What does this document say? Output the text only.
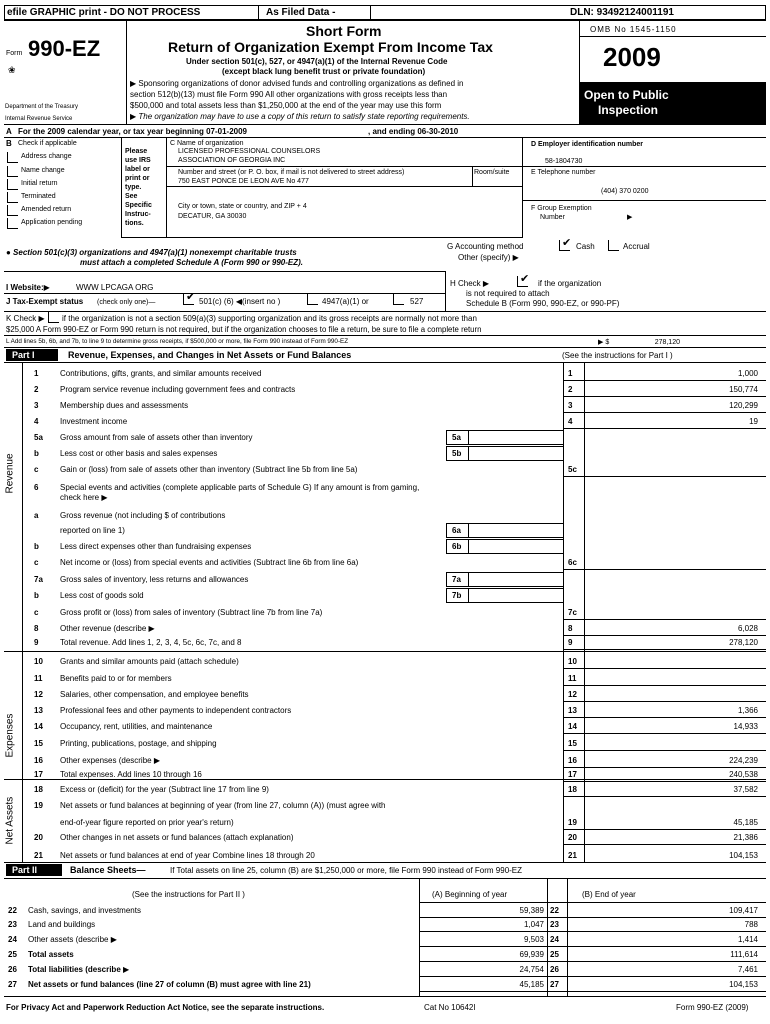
efile GRAPHIC print - DO NOT PROCESS	As Filed Data -	DLN: 93492124001191
Form 990-EZ
❀
Department of the Treasury
Internal Revenue Service
Short Form
Return of Organization Exempt From Income Tax
Under section 501(c), 527, or 4947(a)(1) of the Internal Revenue Code
(except black lung benefit trust or private foundation)
▶ Sponsoring organizations of donor advised funds and controlling organizations as defined in
section 512(b)(13) must file Form 990 All other organizations with gross receipts less than
$500,000 and total assets less than $1,250,000 at the end of the year may use this form
▶ The organization may have to use a copy of this return to satisfy state reporting requirements.
OMB No 1545-1150
2009
Open to Public
Inspection
A For the 2009 calendar year, or tax year beginning 07-01-2009	, and ending 06-30-2010
B Check if applicable
Address change
Name change
Initial return
Terminated
Amended return
Application pending
Please
use IRS
label or
print or
type.
See
Specific
Instruc-
tions.
C Name of organization
LICENSED PROFESSIONAL COUNSELORS
ASSOCIATION OF GEORGIA INC
Number and street (or P. O. box, if mail is not delivered to street address)	Room/suite
750 EAST PONCE DE LEON AVE No 477
City or town, state or country, and ZIP + 4
DECATUR, GA 30030
D Employer identification number
58-1804730
E Telephone number
(404) 370 0200
F Group Exemption
Number	▶
● Section 501(c)(3) organizations and 4947(a)(1) nonexempt charitable trusts
must attach a completed Schedule A (Form 990 or 990-EZ).
G Accounting method	✔ Cash	Accrual
Other (specify) ▶
I Website:▶	WWW LPCAGA ORG	H Check ▶	✔ if the organization
is not required to attach
Schedule B (Form 990, 990-EZ, or 990-PF)
J Tax-Exempt status (check only one)—	✔ 501(c) (6) ◀(insert no )	4947(a)(1) or	527
K Check ▶ if the organization is not a section 509(a)(3) supporting organization and its gross receipts are normally not more than
$25,000 A Form 990-EZ or Form 990 return is not required, but if the organization chooses to file a return, be sure to file a complete return
L Add lines 5b, 6b, and 7b, to line 9 to determine gross receipts, if $500,000 or more, file Form 990 instead of Form 990-EZ	▶ $	278,120
Part I	Revenue, Expenses, and Changes in Net Assets or Fund Balances	(See the instructions for Part I )
Revenue
Expenses
Net Assets
1	Contributions, gifts, grants, and similar amounts received	1	1,000
2	Program service revenue including government fees and contracts	2	150,774
3	Membership dues and assessments	3	120,299
4	Investment income	4	19
5a Gross amount from sale of assets other than inventory	5a
b	Less cost or other basis and sales expenses	5b
c	Gain or (loss) from sale of assets other than inventory (Subtract line 5b from line 5a)	5c
6	Special events and activities (complete applicable parts of Schedule G) If any amount is from gaming,
check here ▶
a	Gross revenue (not including $ of contributions
reported on line 1)	6a
b	Less direct expenses other than fundraising expenses	6b
c	Net income or (loss) from special events and activities (Subtract line 6b from line 6a)	6c
7a Gross sales of inventory, less returns and allowances	7a
b	Less cost of goods sold	7b
c	Gross profit or (loss) from sales of inventory (Subtract line 7b from line 7a)	7c
8	Other revenue (describe ▶	8	6,028
9	Total revenue. Add lines 1, 2, 3, 4, 5c, 6c, 7c, and 8	9	278,120
10 Grants and similar amounts paid (attach schedule)	10
11 Benefits paid to or for members	11
12 Salaries, other compensation, and employee benefits	12
13 Professional fees and other payments to independent contractors	13	1,366
14 Occupancy, rent, utilities, and maintenance	14	14,933
15 Printing, publications, postage, and shipping	15
16 Other expenses (describe ▶	16	224,239
17 Total expenses. Add lines 10 through 16	17	240,538
18 Excess or (deficit) for the year (Subtract line 17 from line 9)	18	37,582
19 Net assets or fund balances at beginning of year (from line 27, column (A)) (must agree with
end-of-year figure reported on prior year's return)	19	45,185
20 Other changes in net assets or fund balances (attach explanation)	20	21,386
21 Net assets or fund balances at end of year Combine lines 18 through 20	21	104,153
Part II	Balance Sheets—	If Total assets on line 25, column (B) are $1,250,000 or more, file Form 990 instead of Form 990-EZ
(See the instructions for Part II )	(A) Beginning of year	(B) End of year
22 Cash, savings, and investments	59,389 22	109,417
23 Land and buildings	1,047 23	788
24 Other assets (describe ▶	9,503 24	1,414
25 Total assets	69,939 25	111,614
26 Total liabilities (describe ▶	24,754 26	7,461
27 Net assets or fund balances (line 27 of column (B) must agree with line 21)	45,185 27	104,153
For Privacy Act and Paperwork Reduction Act Notice, see the separate instructions.	Cat No 10642I	Form 990-EZ (2009)
